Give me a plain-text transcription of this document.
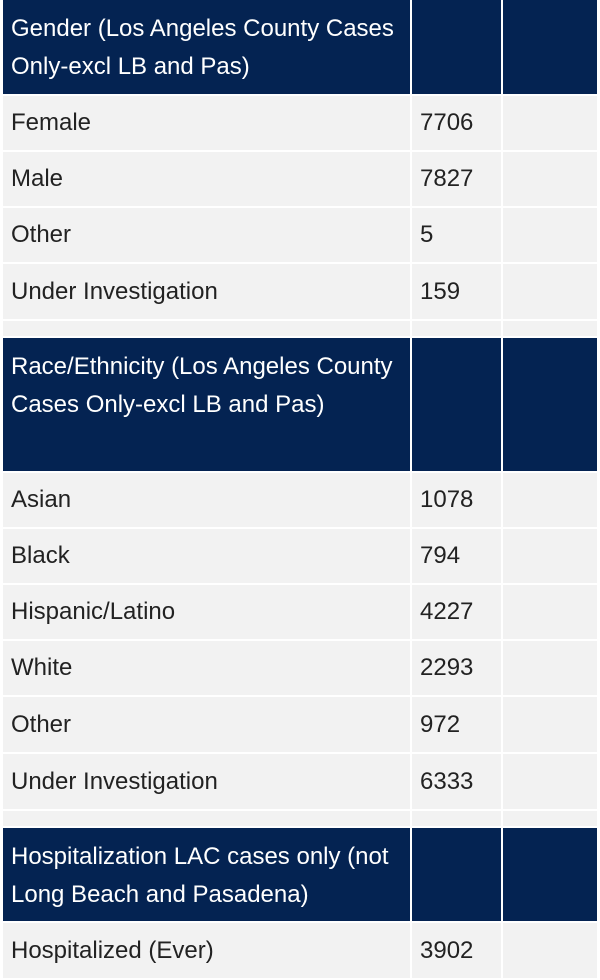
Gender (Los Angeles County Cases Only-excl LB and Pas)
Female	7706
Male	7827
Other	5
Under Investigation	159
Race/Ethnicity (Los Angeles County Cases Only-excl LB and Pas)
Asian	1078
Black	794
Hispanic/Latino	4227
White	2293
Other	972
Under Investigation	6333
Hospitalization LAC cases only (not Long Beach and Pasadena)
Hospitalized (Ever)	3902
